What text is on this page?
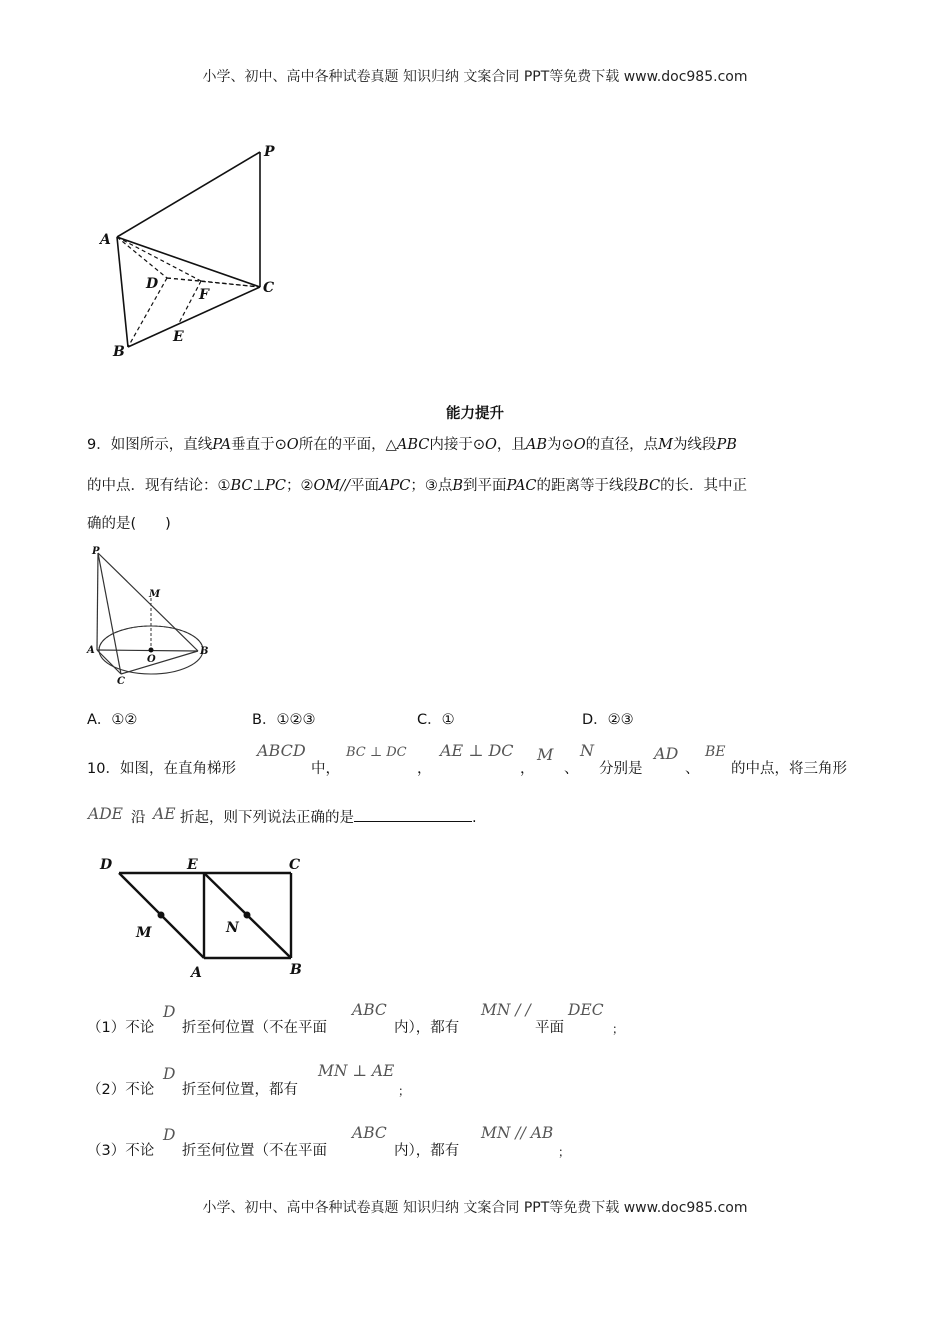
小学、初中、高中各种试卷真题 知识归纳 文案合同 PPT等免费下载 www.doc985.com
P
A
D
F	C
E
B
能力提升
9．如图所示，直线PA垂直于⊙O所在的平面，△ABC内接于⊙O，且AB为⊙O的直径，点M为线段PB
的中点．现有结论：①BC⊥PC；②OM//平面APC；③点B到平面PAC的距离等于线段BC的长．其中正
确的是(　　)
P
M
A
O
B
C
A．①②	B．①②③	C．①	D．②③
10．如图，在直角梯形
ABCD
中，
BC ⊥ DC
，
AE ⊥ DC
，
M
、
N
分别是
AD
、
BE
的中点，将三角形
ADE 沿 AE 折起，则下列说法正确的是	.
D	E	C
M	N
A	B
（1）不论
D
折至何位置（不在平面
ABC
内），都有
MN / /
平面
DEC
；
（2）不论
D
折至何位置，都有
MN ⊥ AE
；
（3）不论
D
折至何位置（不在平面
ABC
内），都有
MN // AB
；
小学、初中、高中各种试卷真题 知识归纳 文案合同 PPT等免费下载 www.doc985.com
